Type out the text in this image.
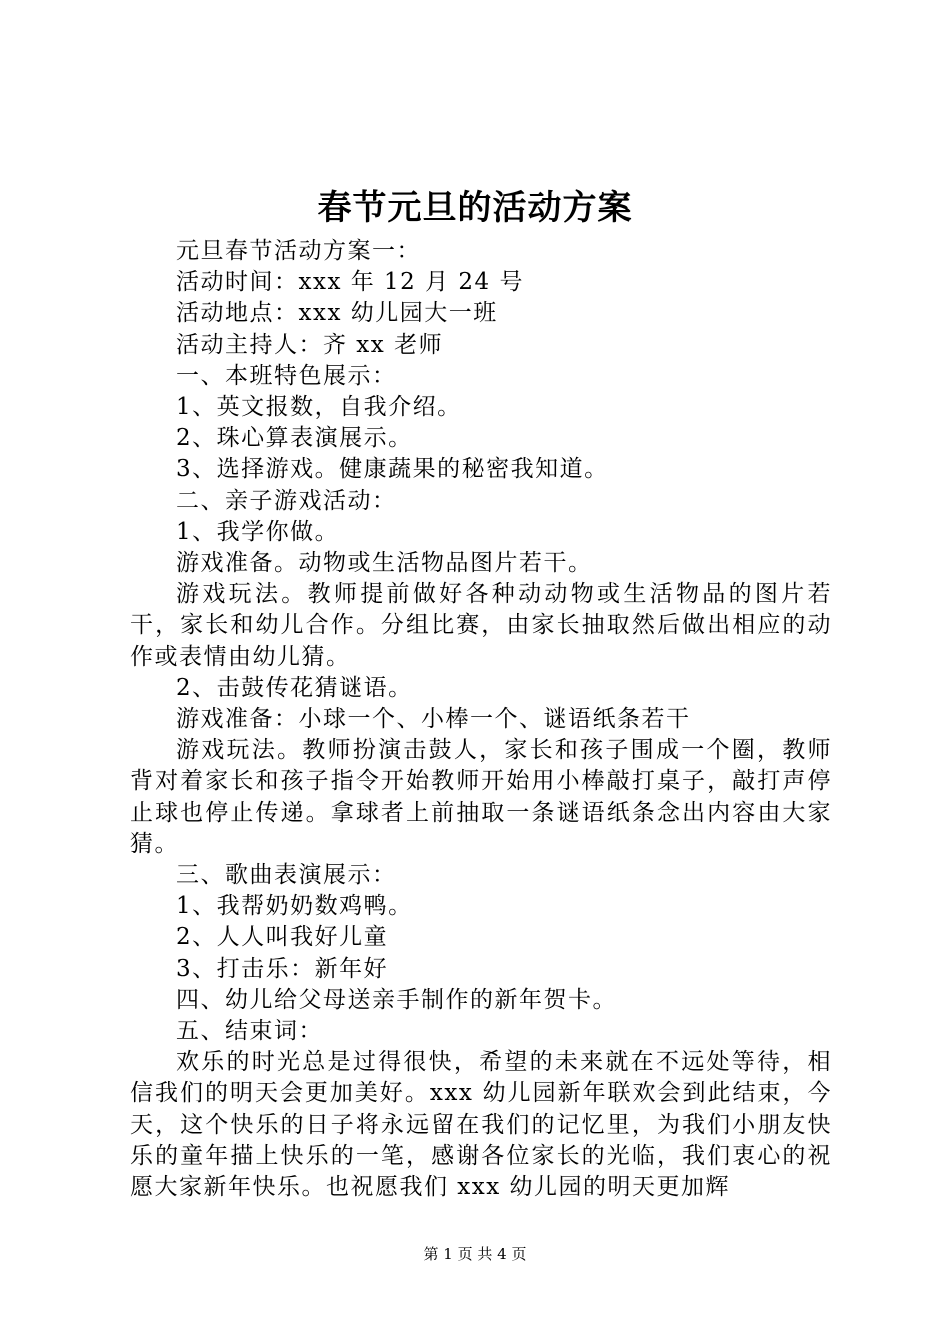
春节元旦的活动方案

元旦春节活动方案一：

活动时间：xxx 年 12 月 24 号

活动地点：xxx 幼儿园大一班

活动主持人：齐 xx 老师

一、本班特色展示：

1、英文报数，自我介绍。

2、珠心算表演展示。

3、选择游戏。健康蔬果的秘密我知道。

二、亲子游戏活动：

1、我学你做。

游戏准备。动物或生活物品图片若干。

游戏玩法。教师提前做好各种动动物或生活物品的图片若干，家长和幼儿合作。分组比赛，由家长抽取然后做出相应的动作或表情由幼儿猜。

2、击鼓传花猜谜语。

游戏准备：小球一个、小棒一个、谜语纸条若干

游戏玩法。教师扮演击鼓人，家长和孩子围成一个圈，教师背对着家长和孩子指令开始教师开始用小棒敲打桌子，敲打声停止球也停止传递。拿球者上前抽取一条谜语纸条念出内容由大家猜。

三、歌曲表演展示：

1、我帮奶奶数鸡鸭。

2、人人叫我好儿童

3、打击乐：新年好

四、幼儿给父母送亲手制作的新年贺卡。

五、结束词：

欢乐的时光总是过得很快，希望的未来就在不远处等待，相信我们的明天会更加美好。xxx 幼儿园新年联欢会到此结束，今天，这个快乐的日子将永远留在我们的记忆里，为我们小朋友快乐的童年描上快乐的一笔，感谢各位家长的光临，我们衷心的祝愿大家新年快乐。也祝愿我们 xxx 幼儿园的明天更加辉

第 1 页 共 4 页
